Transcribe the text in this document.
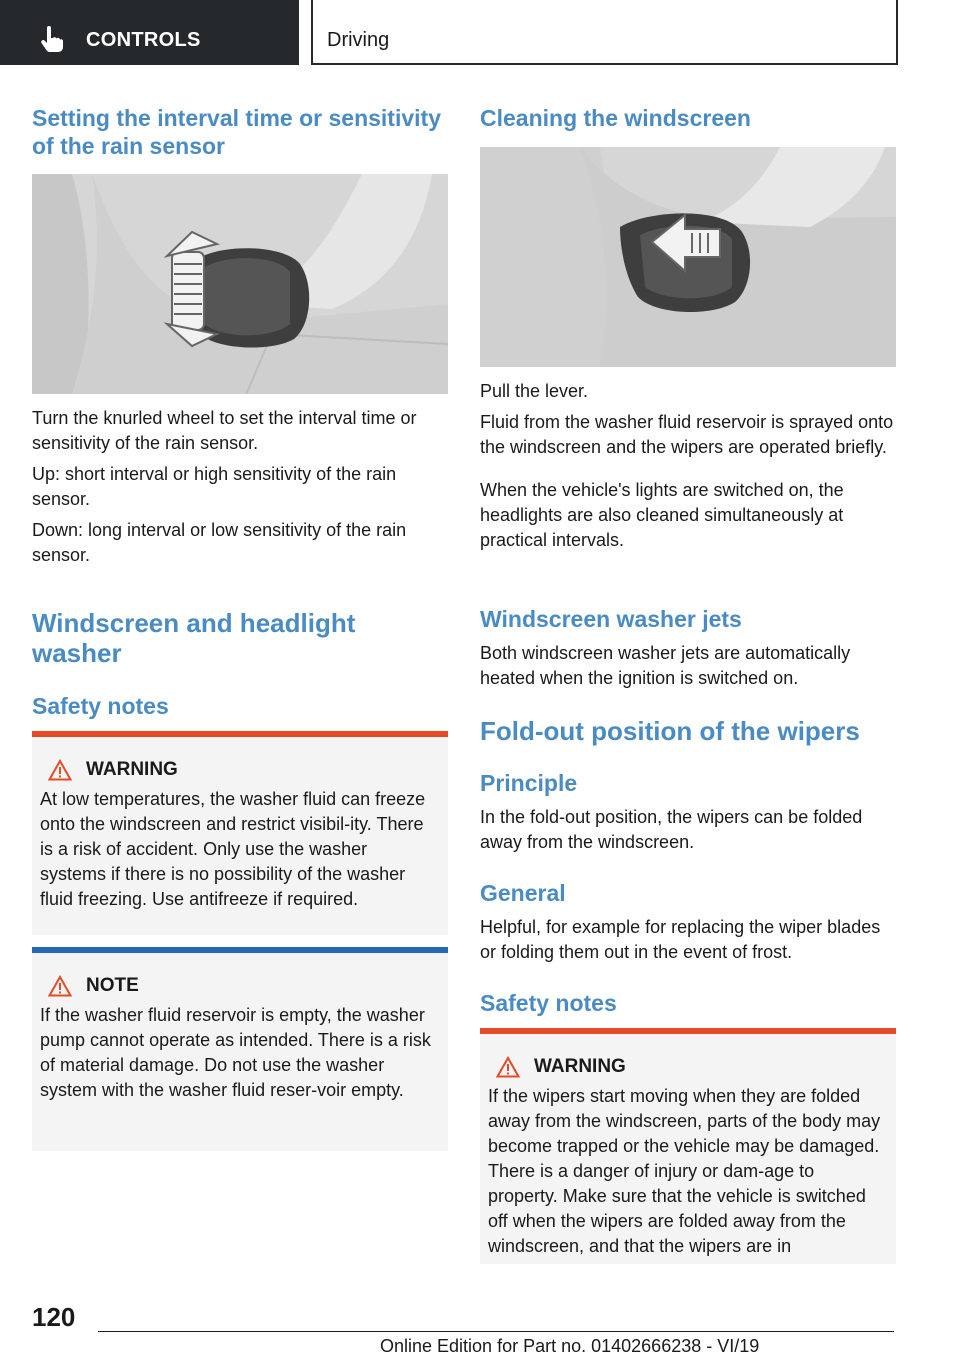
CONTROLS	Driving
Setting the interval time or sensitivity of the rain sensor

Turn the knurled wheel to set the interval time or sensitivity of the rain sensor.

Up: short interval or high sensitivity of the rain sensor.

Down: long interval or low sensitivity of the rain sensor.

Windscreen and headlight washer
Safety notes
WARNING
At low temperatures, the washer fluid can freeze onto the windscreen and restrict visibil-ity. There is a risk of accident. Only use the washer systems if there is no possibility of the washer fluid freezing. Use antifreeze if required.
NOTE
If the washer fluid reservoir is empty, the washer pump cannot operate as intended. There is a risk of material damage. Do not use the washer system with the washer fluid reser-voir empty.
Cleaning the windscreen

Pull the lever.

Fluid from the washer fluid reservoir is sprayed onto the windscreen and the wipers are operated briefly.

When the vehicle's lights are switched on, the headlights are also cleaned simultaneously at practical intervals.

Windscreen washer jets
Both windscreen washer jets are automatically heated when the ignition is switched on.
Fold-out position of the wipers
Principle
In the fold-out position, the wipers can be folded away from the windscreen.
General
Helpful, for example for replacing the wiper blades or folding them out in the event of frost.
Safety notes
WARNING
If the wipers start moving when they are folded away from the windscreen, parts of the body may become trapped or the vehicle may be damaged. There is a danger of injury or dam-age to property. Make sure that the vehicle is switched off when the wipers are folded away from the windscreen, and that the wipers are in
120
Online Edition for Part no. 01402666238 - VI/19
